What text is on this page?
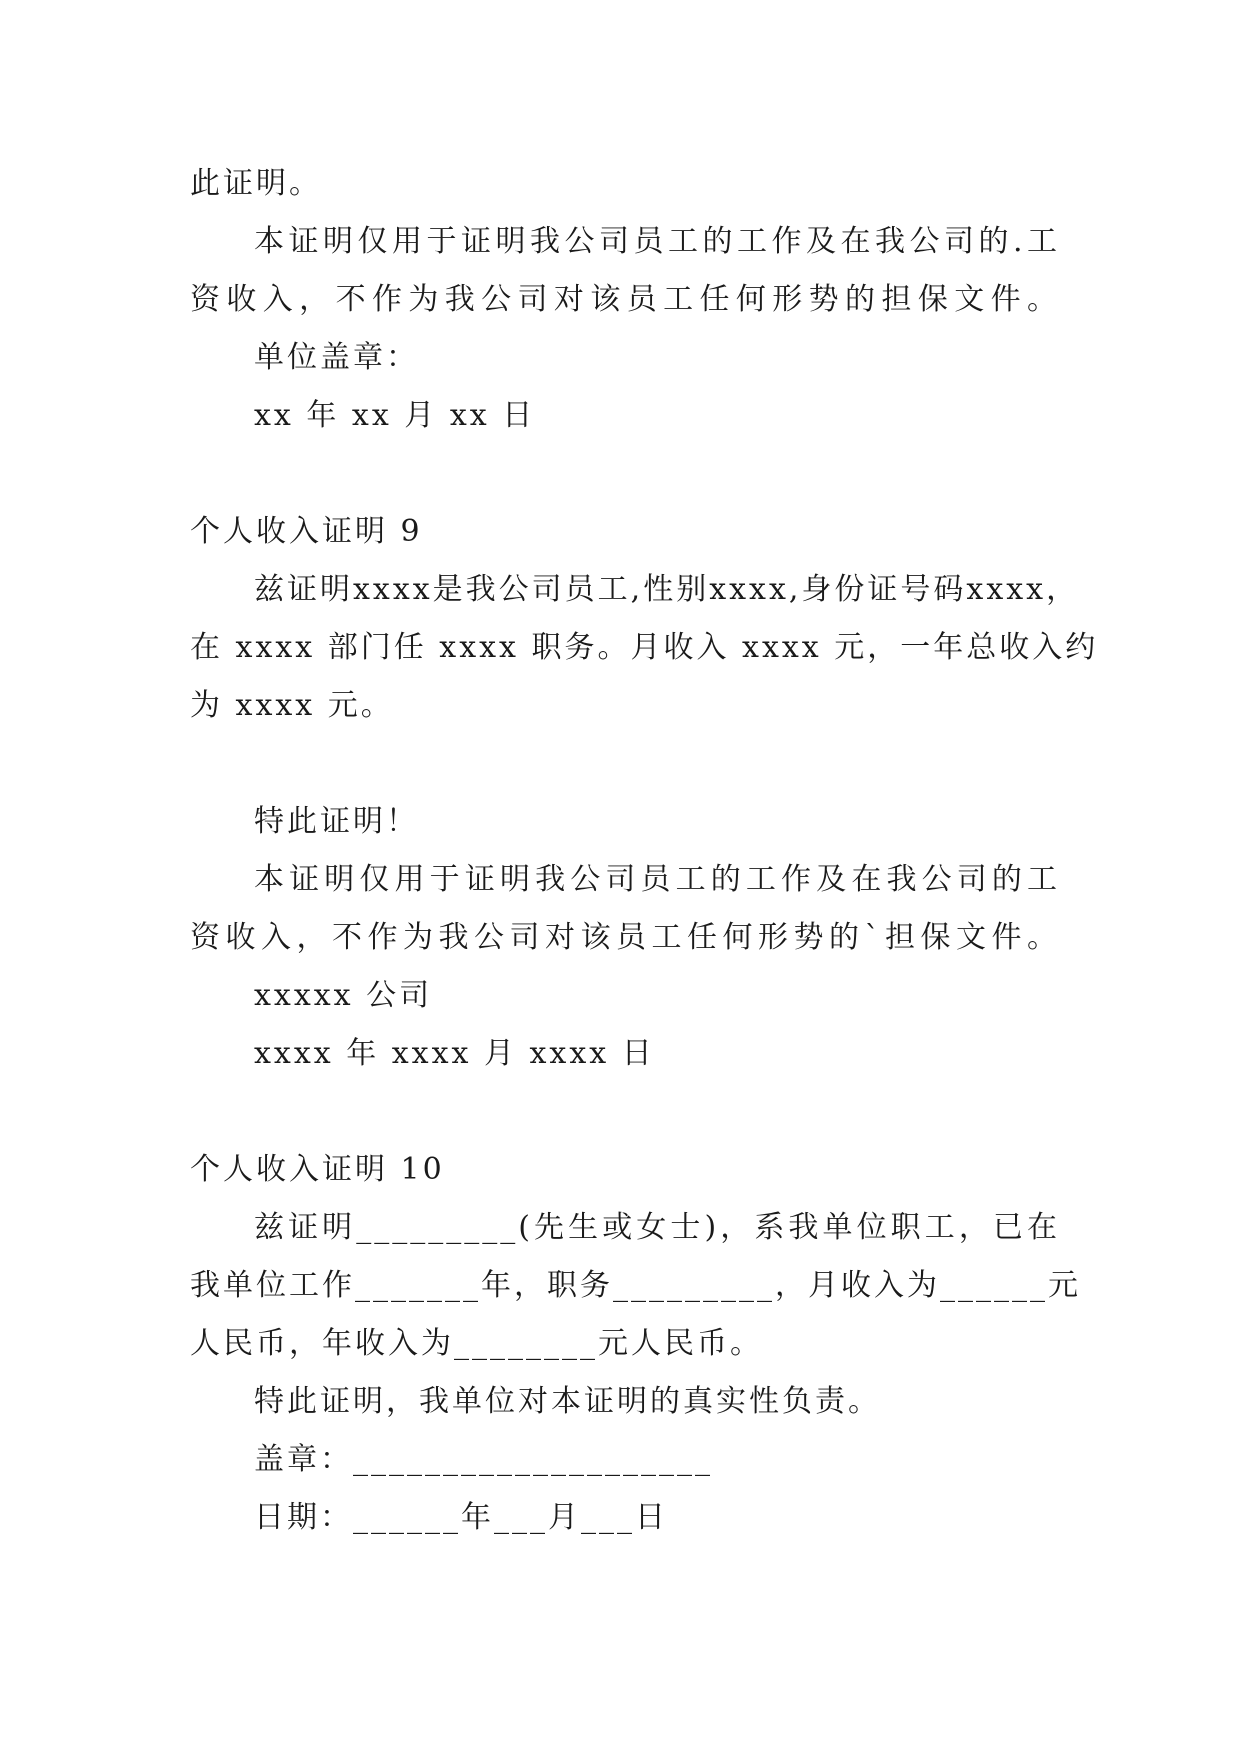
此证明。
本证明仅用于证明我公司员工的工作及在我公司的.工
资收入，不作为我公司对该员工任何形势的担保文件。
单位盖章：
xx 年 xx 月 xx 日
个人收入证明 9
兹证明xxxx是我公司员工,性别xxxx,身份证号码xxxx，
在 xxxx 部门任 xxxx 职务。月收入 xxxx 元，一年总收入约
为 xxxx 元。
特此证明！
本证明仅用于证明我公司员工的工作及在我公司的工
资收入，不作为我公司对该员工任何形势的`担保文件。
xxxxx 公司
xxxx 年 xxxx 月 xxxx 日
个人收入证明 10
兹证明_________(先生或女士)，系我单位职工，已在
我单位工作_______年，职务_________，月收入为______元
人民币，年收入为________元人民币。
特此证明，我单位对本证明的真实性负责。
盖章：____________________
日期：______年___月___日
